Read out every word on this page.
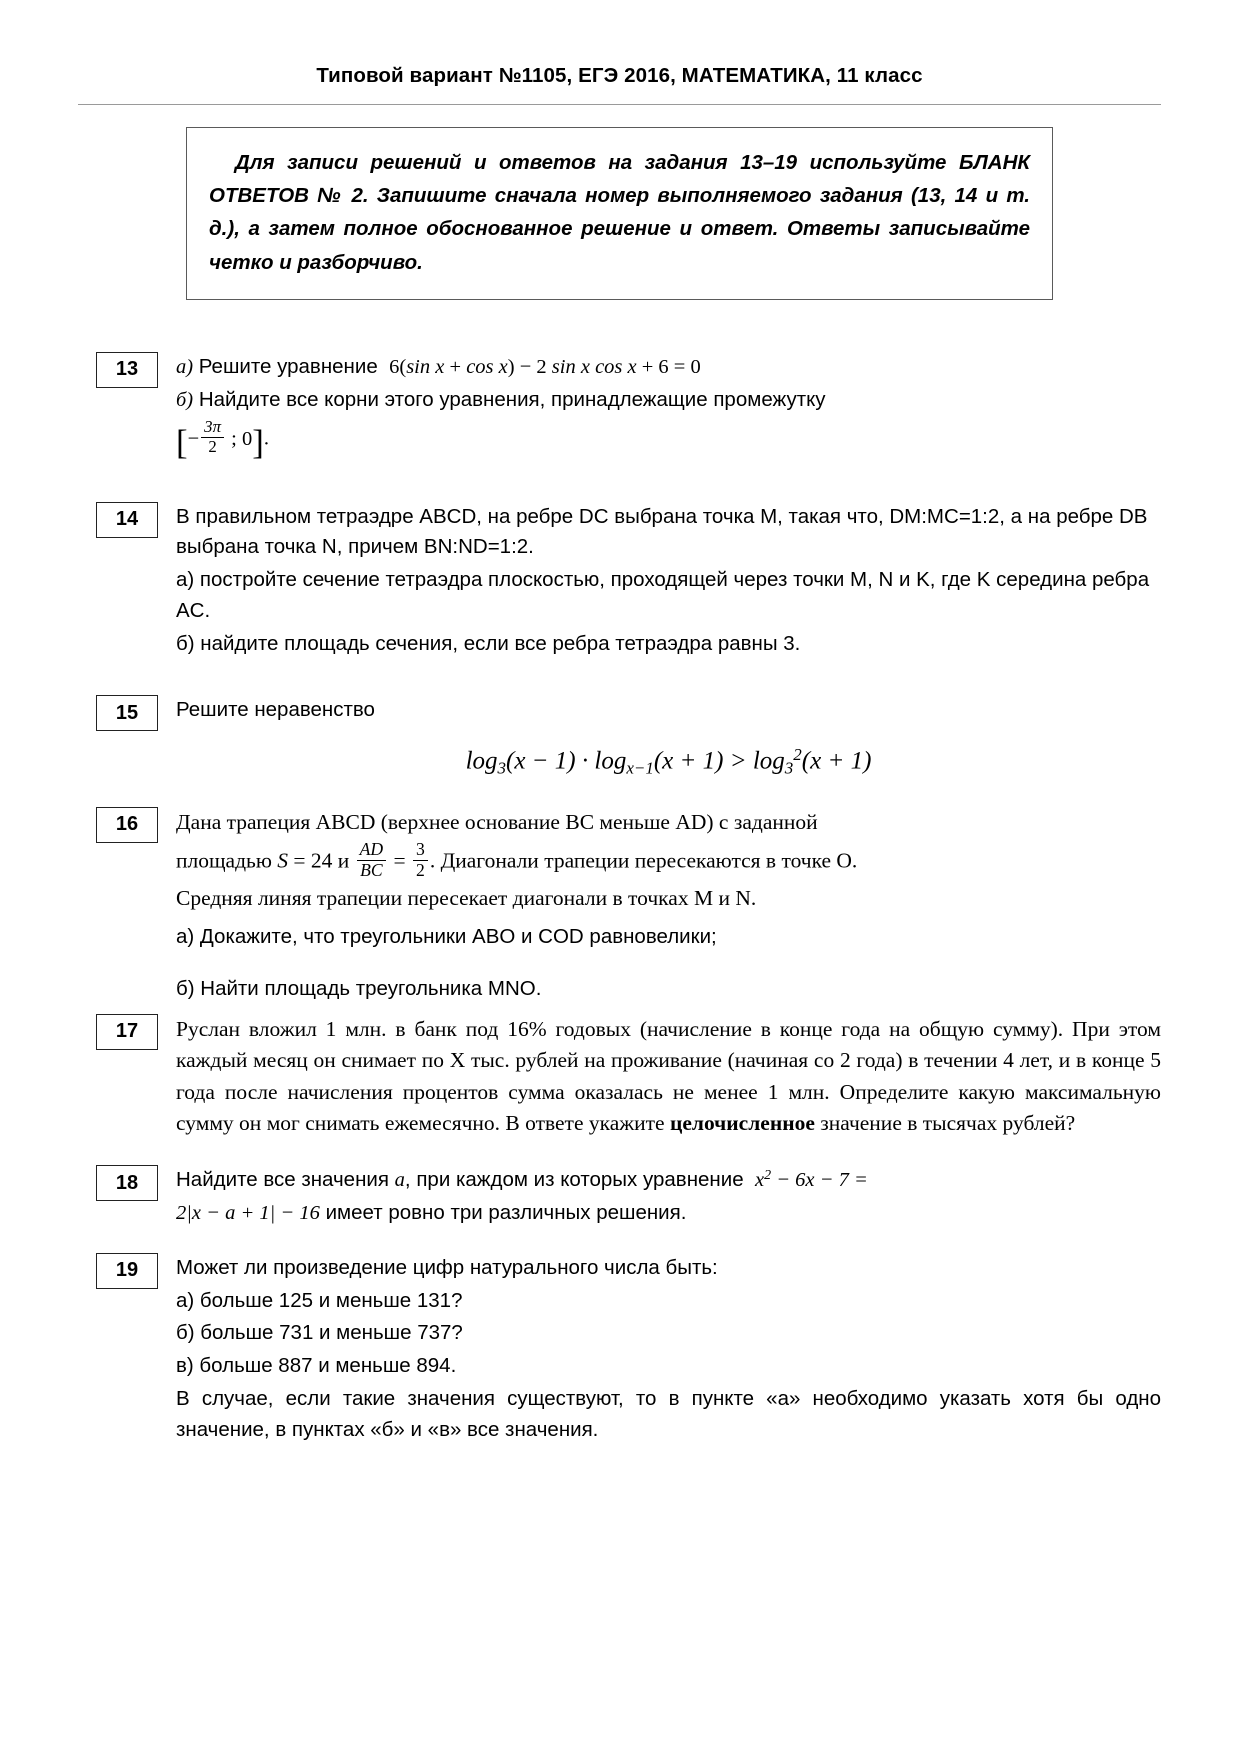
Типовой вариант №1105, ЕГЭ 2016, МАТЕМАТИКА, 11 класс

Для записи решений и ответов на задания 13–19 используйте БЛАНК ОТВЕТОВ № 2. Запишите сначала номер выполняемого задания (13, 14 и т. д.), а затем полное обоснованное решение и ответ. Ответы записывайте четко и разборчиво.

13	а) Решите уравнение 6(sin x + cos x) − 2 sin x cos x + 6 = 0

б) Найдите все корни этого уравнения, принадлежащие промежутку

[− $\frac{3\pi}{2}$ ; 0].

14	В правильном тетраэдре ABCD, на ребре DC выбрана точка M, такая что, DM:MC=1:2, а на ребре DB выбрана точка N, причем BN:ND=1:2.

а) постройте сечение тетраэдра плоскостью, проходящей через точки M, N и K, где K середина ребра AC.

б) найдите площадь сечения, если все ребра тетраэдра равны 3.

15	Решите неравенство

$\log_3(x - 1) \cdot \log_{x-1}(x + 1) > \log_3^2(x + 1)$
16	Дана трапеция ABCD (верхнее основание BC меньше AD) с заданной

площадью S = 24 и $\frac{AD}{BC} = \frac{3}{2}$ . Диагонали трапеции пересекаются в точке O.

Средняя линяя трапеции пересекает диагонали в точках M и N.

а) Докажите, что треугольники ABO и COD равновелики;

б) Найти площадь треугольника MNO.

17	Руслан вложил 1 млн. в банк под 16% годовых (начисление в конце года на общую сумму). При этом каждый месяц он снимает по X тыс. рублей на проживание (начиная со 2 года) в течении 4 лет, и в конце 5 года после начисления процентов сумма оказалась не менее 1 млн. Определите какую максимальную сумму он мог снимать ежемесячно. В ответе укажите целочисленное значение в тысячах рублей?

18	Найдите все значения a, при каждом из которых уравнение $x^2 - 6x - 7$ =

2|x − a + 1| − 16 имеет ровно три различных решения.

19	Может ли произведение цифр натурального числа быть:

а) больше 125 и меньше 131?

б) больше 731 и меньше 737?

в) больше 887 и меньше 894.

В случае, если такие значения существуют, то в пункте «а» необходимо указать хотя бы одно значение, в пунктах «б» и «в» все значения.
